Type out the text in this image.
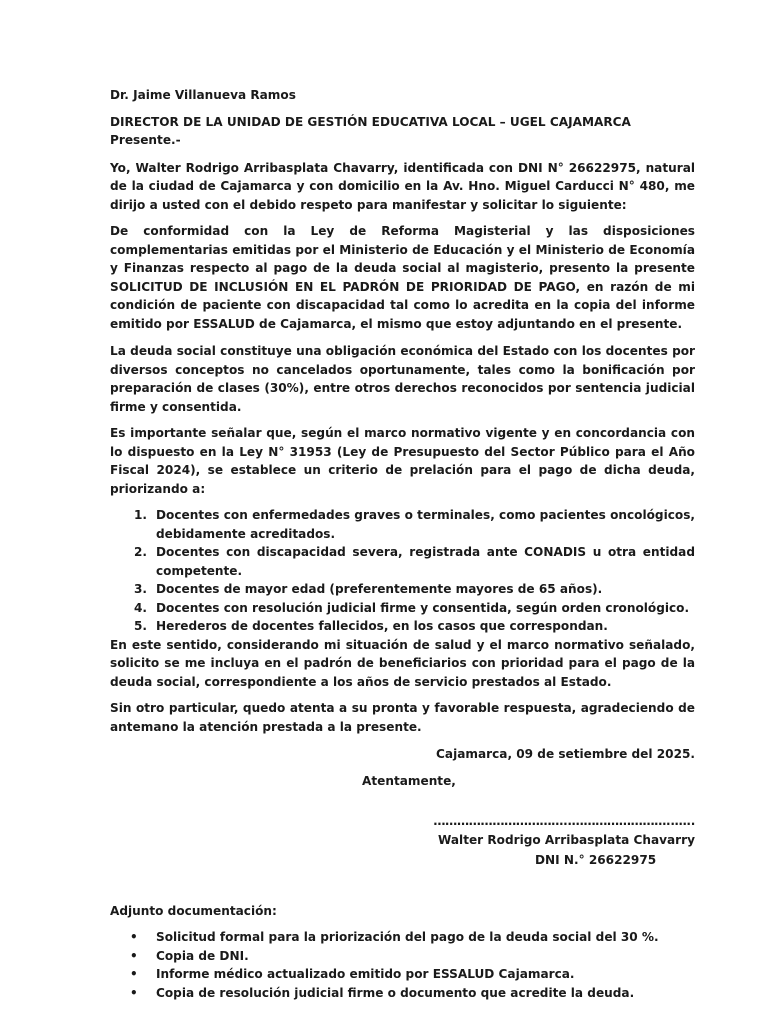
Dr. Jaime Villanueva Ramos

DIRECTOR DE LA UNIDAD DE GESTIÓN EDUCATIVA LOCAL – UGEL CAJAMARCA

Presente.-

Yo, Walter Rodrigo Arribasplata Chavarry, identificada con DNI N° 26622975, natural de la ciudad de Cajamarca y con domicilio en la Av. Hno. Miguel Carducci N° 480, me dirijo a usted con el debido respeto para manifestar y solicitar lo siguiente:

De conformidad con la Ley de Reforma Magisterial y las disposiciones complementarias emitidas por el Ministerio de Educación y el Ministerio de Economía y Finanzas respecto al pago de la deuda social al magisterio, presento la presente SOLICITUD DE INCLUSIÓN EN EL PADRÓN DE PRIORIDAD DE PAGO, en razón de mi condición de paciente con discapacidad tal como lo acredita en la copia del informe emitido por ESSALUD de Cajamarca, el mismo que estoy adjuntando en el presente.

La deuda social constituye una obligación económica del Estado con los docentes por diversos conceptos no cancelados oportunamente, tales como la bonificación por preparación de clases (30%), entre otros derechos reconocidos por sentencia judicial firme y consentida.

Es importante señalar que, según el marco normativo vigente y en concordancia con lo dispuesto en la Ley N° 31953 (Ley de Presupuesto del Sector Público para el Año Fiscal 2024), se establece un criterio de prelación para el pago de dicha deuda, priorizando a:

1. Docentes con enfermedades graves o terminales, como pacientes oncológicos, debidamente acreditados.
2. Docentes con discapacidad severa, registrada ante CONADIS u otra entidad competente.
3. Docentes de mayor edad (preferentemente mayores de 65 años).
4. Docentes con resolución judicial firme y consentida, según orden cronológico.
5. Herederos de docentes fallecidos, en los casos que correspondan.

En este sentido, considerando mi situación de salud y el marco normativo señalado, solicito se me incluya en el padrón de beneficiarios con prioridad para el pago de la deuda social, correspondiente a los años de servicio prestados al Estado.

Sin otro particular, quedo atenta a su pronta y favorable respuesta, agradeciendo de antemano la atención prestada a la presente.

Cajamarca, 09 de setiembre del 2025.

Atentamente,

……………………………..……………………..…..

Walter Rodrigo Arribasplata Chavarry

DNI N.° 26622975

Adjunto documentación:

• Solicitud formal para la priorización del pago de la deuda social del 30 %.
• Copia de DNI.
• Informe médico actualizado emitido por ESSALUD Cajamarca.
• Copia de resolución judicial firme o documento que acredite la deuda.
